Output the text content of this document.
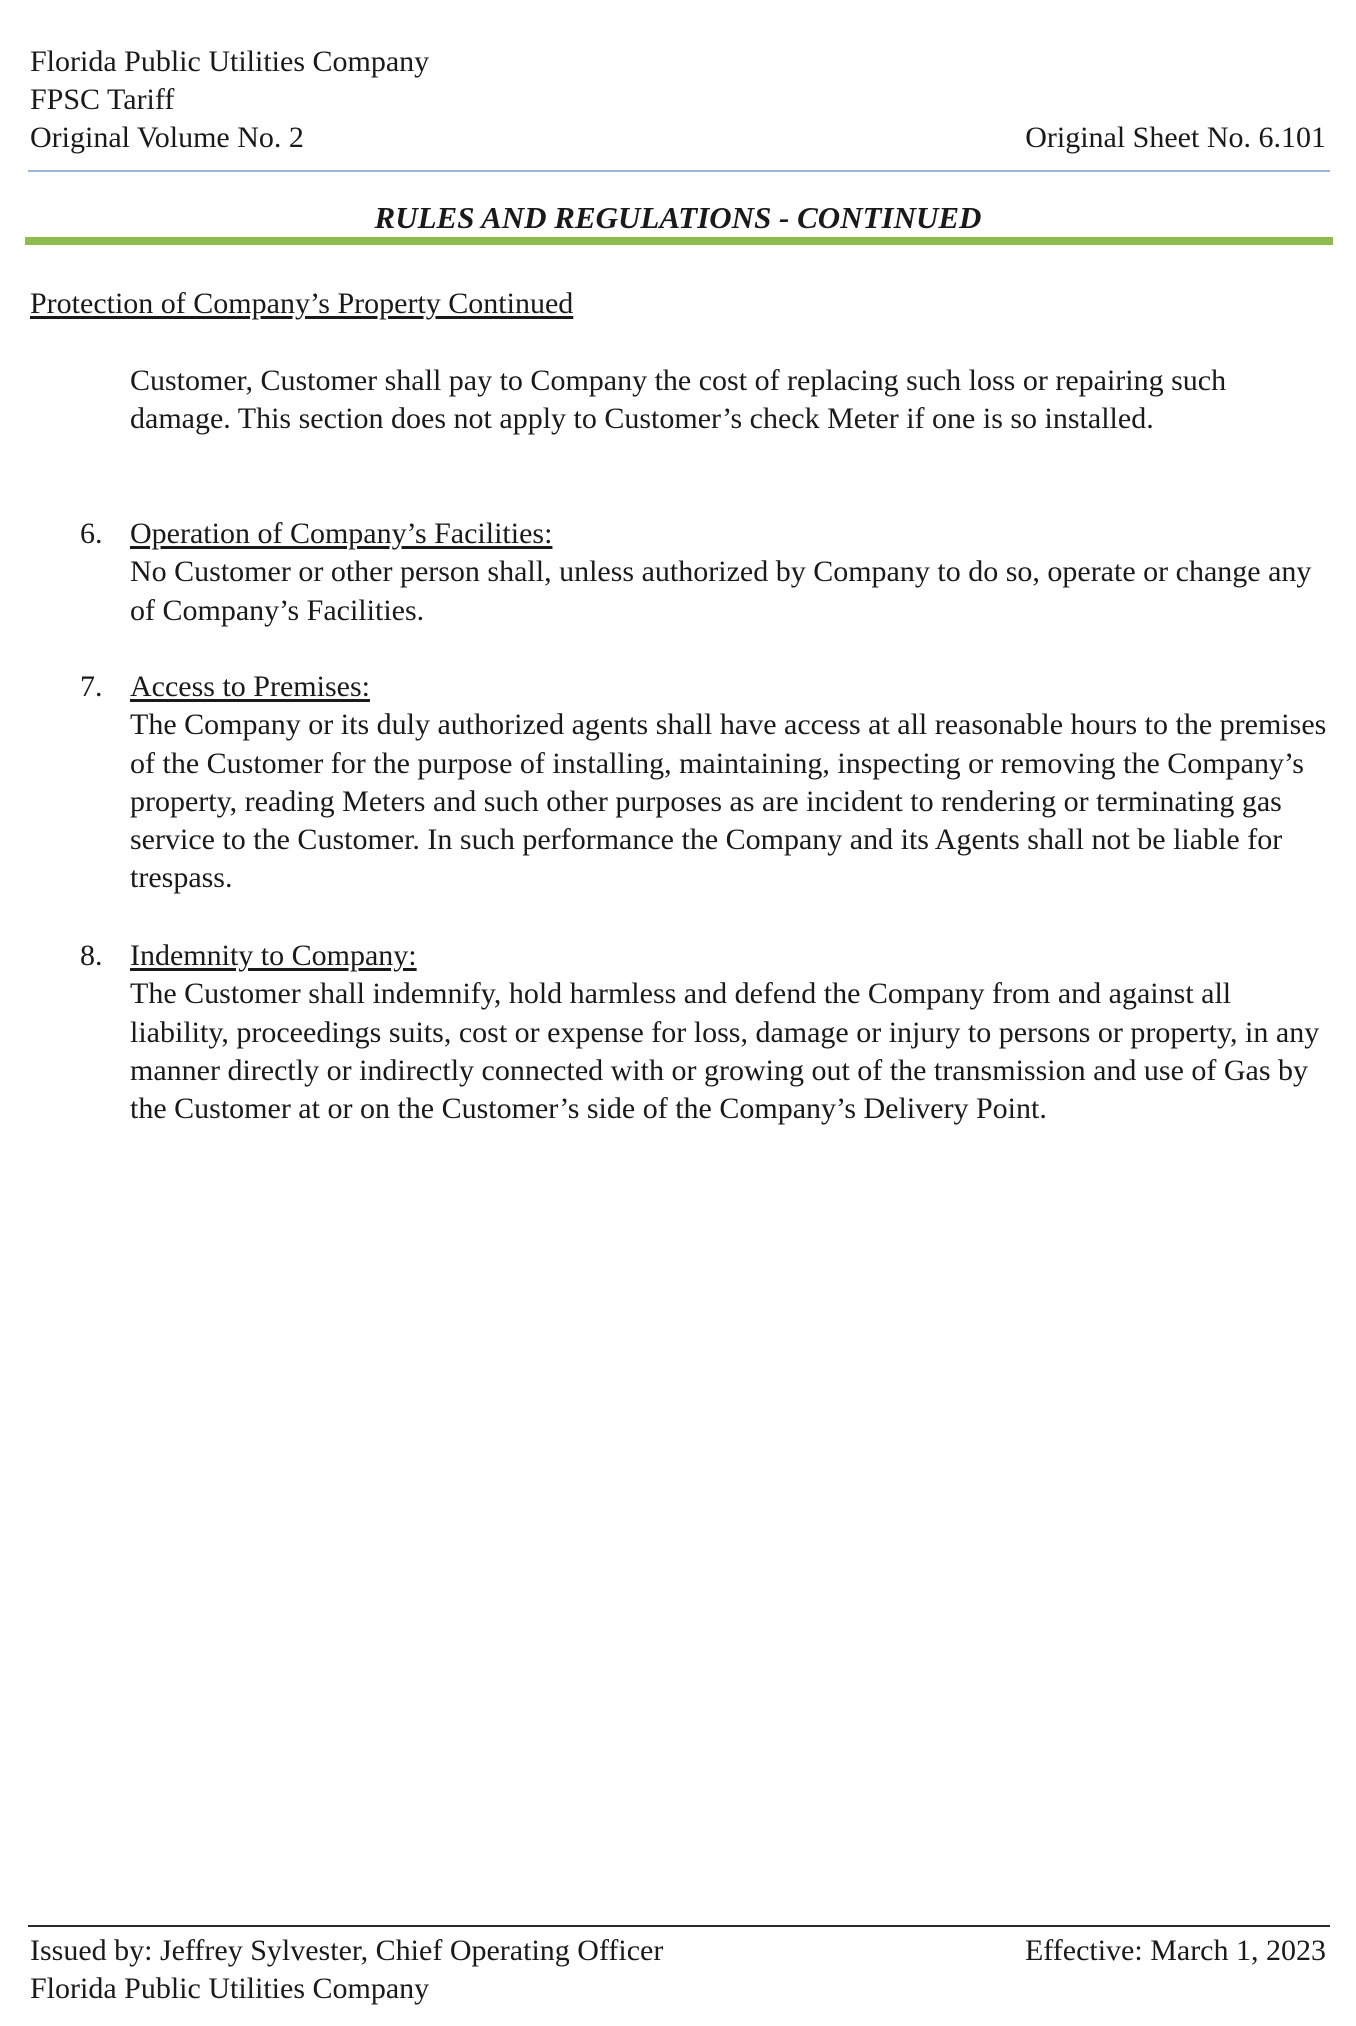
Florida Public Utilities Company
FPSC Tariff
Original Volume No. 2	Original Sheet No. 6.101
RULES AND REGULATIONS - CONTINUED
Protection of Company’s Property Continued
Customer, Customer shall pay to Company the cost of replacing such loss or repairing such damage. This section does not apply to Customer’s check Meter if one is so installed.
6. Operation of Company’s Facilities:
No Customer or other person shall, unless authorized by Company to do so, operate or change any of Company’s Facilities.
7. Access to Premises:
The Company or its duly authorized agents shall have access at all reasonable hours to the premises of the Customer for the purpose of installing, maintaining, inspecting or removing the Company’s property, reading Meters and such other purposes as are incident to rendering or terminating gas service to the Customer. In such performance the Company and its Agents shall not be liable for trespass.
8. Indemnity to Company:
The Customer shall indemnify, hold harmless and defend the Company from and against all liability, proceedings suits, cost or expense for loss, damage or injury to persons or property, in any manner directly or indirectly connected with or growing out of the transmission and use of Gas by the Customer at or on the Customer’s side of the Company’s Delivery Point.
Issued by: Jeffrey Sylvester, Chief Operating Officer	Effective: March 1, 2023
Florida Public Utilities Company
